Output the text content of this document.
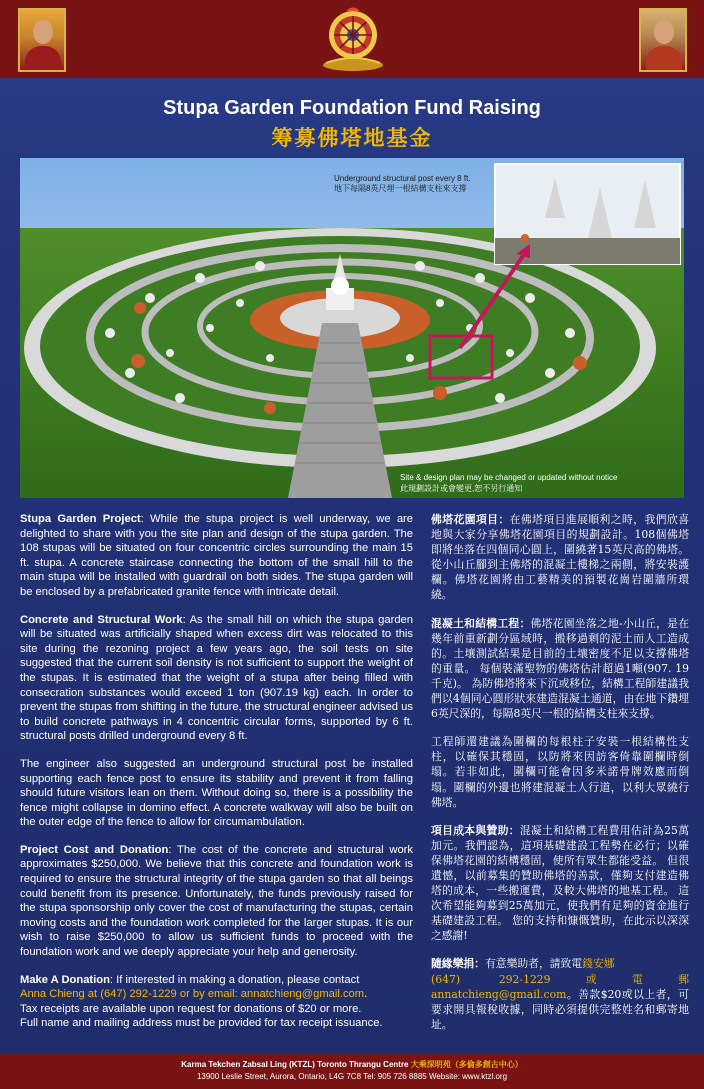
Stupa Garden Foundation Fund Raising
筹募佛塔地基金
Underground structural post every 8 ft.
地下每隔8英尺埋一根結構支柱來支撐
Site & design plan may be changed or updated without notice
此規劃設計或會變更,恕不另行通知

Stupa Garden Project: While the stupa project is well underway, we are delighted to share with you the site plan and design of the stupa garden. The 108 stupas will be situated on four concentric circles surrounding the main 15 ft. stupa. A concrete staircase connecting the bottom of the small hill to the main stupa will be installed with guardrail on both sides. The stupa garden will be enclosed by a prefabricated granite fence with intricate detail.

Concrete and Structural Work: As the small hill on which the stupa garden will be situated was artificially shaped when excess dirt was relocated to this site during the rezoning project a few years ago, the soil tests on site suggested that the current soil density is not sufficient to support the weight of the stupas. It is estimated that the weight of a stupa after being filled with consecration substances would exceed 1 ton (907.19 kg) each. In order to prevent the stupas from shifting in the future, the structural engineer advised us to build concrete pathways in 4 concentric circular forms, supported by 6 ft. structural posts drilled underground every 8 ft.

The engineer also suggested an underground structural post be installed supporting each fence post to ensure its stability and prevent it from falling should future visitors lean on them. Without doing so, there is a possibility the fence might collapse in domino effect. A concrete walkway will also be built on the outer edge of the fence to allow for circumambulation.

Project Cost and Donation: The cost of the concrete and structural work approximates $250,000. We believe that this concrete and foundation work is required to ensure the structural integrity of the stupa garden so that all beings could benefit from its presence. Unfortunately, the funds previously raised for the stupa sponsorship only cover the cost of manufacturing the stupas, certain moving costs and the foundation work completed for the larger stupas. It is our wish to raise $250,000 to allow us sufficient funds to proceed with the foundation work and we deeply appreciate your help and generosity.

Make A Donation: If interested in making a donation, please contact
Anna Chieng at (647) 292-1229 or by email: annatchieng@gmail.com.
Tax receipts are available upon request for donations of $20 or more.
Full name and mailing address must be provided for tax receipt issuance.

佛塔花園項目：在佛塔項目進展順利之時，我們欣喜地與大家分享佛塔花園項目的規劃設計。108個佛塔即將坐落在四個同心圓上，圍繞著15英尺高的佛塔。從小山丘腳到主佛塔的混凝土樓梯之兩側，將安裝護欄。佛塔花園將由工藝精美的預製花崗岩圍牆所環繞。

混凝土和結構工程：佛塔花園坐落之地-小山丘，是在幾年前重新劃分區域時，搬移過剩的泥土而人工造成的。土壤測試結果是目前的土壤密度不足以支撐佛塔的重量。 每個裝滿聖物的佛塔估計超過1噸(907. 19千克)。 為防佛塔將來下沉或移位，結構工程師建議我們以4個同心圓形狀來建造混凝土通道，由在地下鑽埋6英尺深的，每隔8英尺一根的結構支柱來支撐。

工程師還建議為圍欄的每根柱子安裝一根結構性支柱，以確保其穩固，以防將來因訪客倚靠圍欄時倒塌。若非如此，圍欄可能會因多米諾骨牌效應而倒塌。圍欄的外邊也將建混凝土人行道，以利大眾繞行佛塔。

項目成本與贊助：混凝土和結構工程費用估計為25萬加元。我們認為，這項基礎建設工程勢在必行；以確保佛塔花園的結構穩固，使所有眾生都能受益。 但很遺憾，以前募集的贊助佛塔的善款，僅夠支付建造佛塔的成本，一些搬運費，及較大佛塔的地基工程。 這次希望能夠募到25萬加元，使我們有足夠的資金進行基礎建設工程。 您的支持和慷慨贊助，在此示以深深之感謝!

隨緣樂捐：有意樂助者，請致電錢安娜
(647) 292-1229或電郵annatchieng@gmail.com。善款$20或以上者，可要求開具報稅收據，同時必須提供完整姓名和郵寄地址。

Karma Tekchen Zabsal Ling (KTZL) Toronto Thrangu Centre 大乘深明苑（多倫多創古中心）
13900 Leslie Street, Aurora, Ontario, L4G 7C8 Tel: 905 726 8885 Website: www.ktzl.org
